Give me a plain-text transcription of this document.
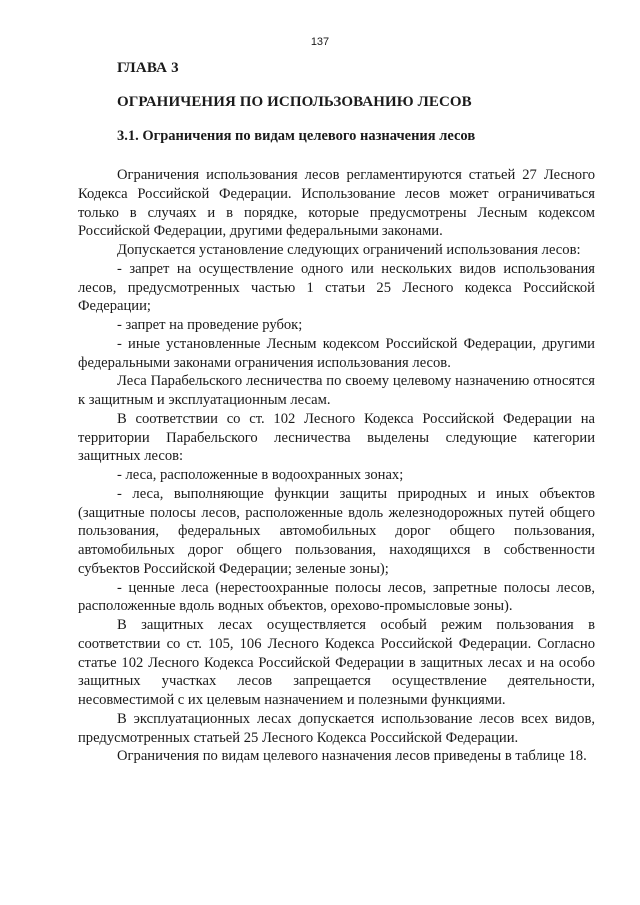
137
ГЛАВА 3
ОГРАНИЧЕНИЯ ПО ИСПОЛЬЗОВАНИЮ ЛЕСОВ
3.1. Ограничения по видам целевого назначения лесов

Ограничения использования лесов регламентируются статьей 27 Лесного Кодекса Российской Федерации. Использование лесов может ограничиваться только в случаях и в порядке, которые предусмотрены Лесным кодексом Российской Федерации, другими федеральными законами.

Допускается установление следующих ограничений использования лесов:

- запрет на осуществление одного или нескольких видов использования лесов, предусмотренных частью 1 статьи 25 Лесного кодекса Российской Федерации;

- запрет на проведение рубок;

- иные установленные Лесным кодексом Российской Федерации, другими федеральными законами ограничения использования лесов.

Леса Парабельского лесничества по своему целевому назначению относятся к защитным и эксплуатационным лесам.

В соответствии со ст. 102 Лесного Кодекса Российской Федерации на территории Парабельского лесничества выделены следующие категории защитных лесов:

- леса, расположенные в водоохранных зонах;

- леса, выполняющие функции защиты природных и иных объектов (защитные полосы лесов, расположенные вдоль железнодорожных путей общего пользования, федеральных автомобильных дорог общего пользования, автомобильных дорог общего пользования, находящихся в собственности субъектов Российской Федерации; зеленые зоны);

- ценные леса (нерестоохранные полосы лесов, запретные полосы лесов, расположенные вдоль водных объектов, орехово-промысловые зоны).

В защитных лесах осуществляется особый режим пользования в соответствии со ст. 105, 106 Лесного Кодекса Российской Федерации. Согласно статье 102 Лесного Кодекса Российской Федерации в защитных лесах и на особо защитных участках лесов запрещается осуществление деятельности, несовместимой с их целевым назначением и полезными функциями.

В эксплуатационных лесах допускается использование лесов всех видов, предусмотренных статьей 25 Лесного Кодекса Российской Федерации.

Ограничения по видам целевого назначения лесов приведены в таблице 18.
